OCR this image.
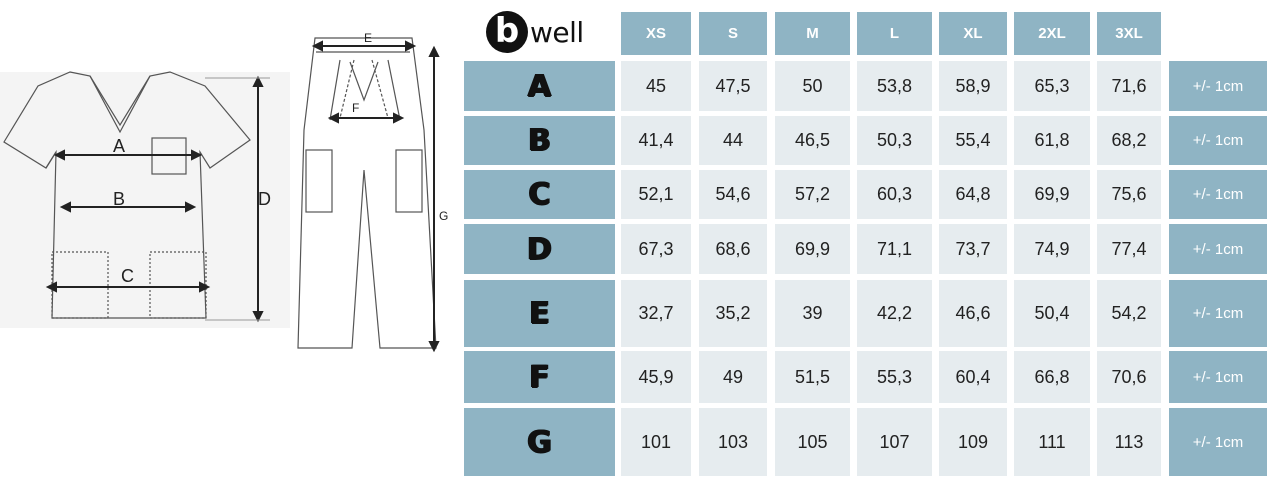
A
B
C
D
E
F
G
b well	XS	S	M	L	XL	2XL	3XL
A	45	47,5	50	53,8	58,9	65,3	71,6	+/- 1cm
B	41,4	44	46,5	50,3	55,4	61,8	68,2	+/- 1cm
C	52,1	54,6	57,2	60,3	64,8	69,9	75,6	+/- 1cm
D	67,3	68,6	69,9	71,1	73,7	74,9	77,4	+/- 1cm
E	32,7	35,2	39	42,2	46,6	50,4	54,2	+/- 1cm
F	45,9	49	51,5	55,3	60,4	66,8	70,6	+/- 1cm
G	101	103	105	107	109	111	113	+/- 1cm
